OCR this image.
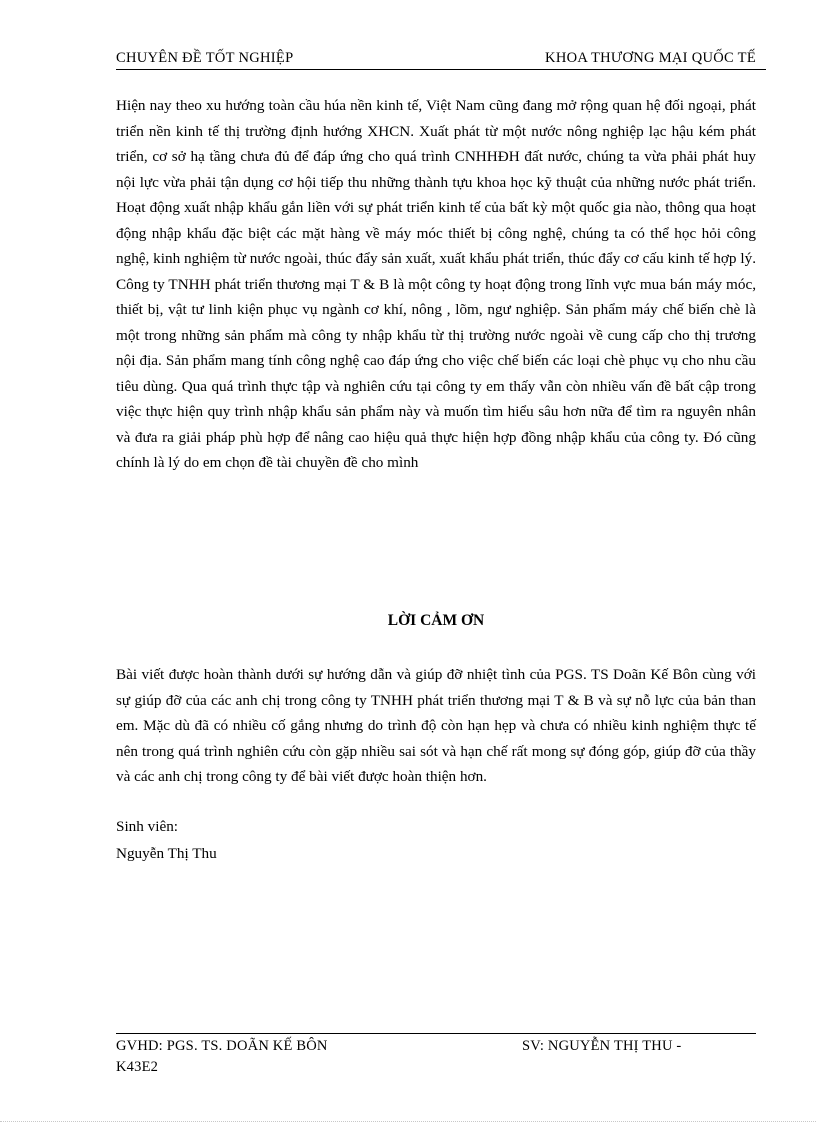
CHUYÊN ĐỀ TỐT NGHIỆP	KHOA THƯƠNG MẠI QUỐC TẾ

Hiện nay theo xu hướng toàn cầu húa nền kinh tế, Việt Nam cũng đang mở rộng quan hệ đối ngoại, phát triển nền kinh tế thị trường định hướng XHCN. Xuất phát từ một nước nông nghiệp lạc hậu kém phát triển, cơ sở hạ tầng chưa đủ để đáp ứng cho quá trình CNHHĐH đất nước, chúng ta vừa phải phát huy nội lực vừa phải tận dụng cơ hội tiếp thu những thành tựu khoa học kỹ thuật của những nước phát triển. Hoạt động xuất nhập khẩu gắn liền với sự phát triển kinh tế của bất kỳ một quốc gia nào, thông qua hoạt động nhập khẩu đặc biệt các mặt hàng về máy móc thiết bị công nghệ, chúng ta có thể học hỏi công nghệ, kinh nghiệm từ nước ngoài, thúc đẩy sản xuất, xuất khẩu phát triển, thúc đẩy cơ cấu kinh tế hợp lý. Công ty TNHH phát triển thương mại T & B là một công ty hoạt động trong lĩnh vực mua bán máy móc, thiết bị, vật tư linh kiện phục vụ ngành cơ khí, nông , lõm, ngư nghiệp. Sản phẩm máy chế biến chè là một trong những sản phẩm mà công ty nhập khẩu từ thị trường nước ngoài về cung cấp cho thị trương nội địa. Sản phẩm mang tính công nghệ cao đáp ứng cho việc chế biến các loại chè phục vụ cho nhu cầu tiêu dùng. Qua quá trình thực tập và nghiên cứu tại công ty em thấy vẫn còn nhiều vấn đề bất cập trong việc thực hiện quy trình nhập khẩu sản phẩm này và muốn tìm hiểu sâu hơn nữa để tìm ra nguyên nhân và đưa ra giải pháp phù hợp để nâng cao hiệu quả thực hiện hợp đồng nhập khẩu của công ty. Đó cũng chính là lý do em chọn đề tài chuyền đề cho mình

LỜI CẢM ƠN

Bài viết được hoàn thành dưới sự hướng dẫn và giúp đỡ nhiệt tình của PGS. TS Doãn Kế Bôn cùng với sự giúp đỡ của các anh chị trong công ty TNHH phát triển thương mại T & B và sự nỗ lực của bản than em. Mặc dù đã có nhiều cố gắng nhưng do trình độ còn hạn hẹp và chưa có nhiều kinh nghiệm thực tế nên trong quá trình nghiên cứu còn gặp nhiều sai sót và hạn chế rất mong sự đóng góp, giúp đỡ của thầy và các anh chị trong công ty để bài viết được hoàn thiện hơn.

Sinh viên:

Nguyễn Thị Thu

GVHD: PGS. TS. DOÃN KẾ BÔN	SV: NGUYỄN THỊ THU -
K43E2
